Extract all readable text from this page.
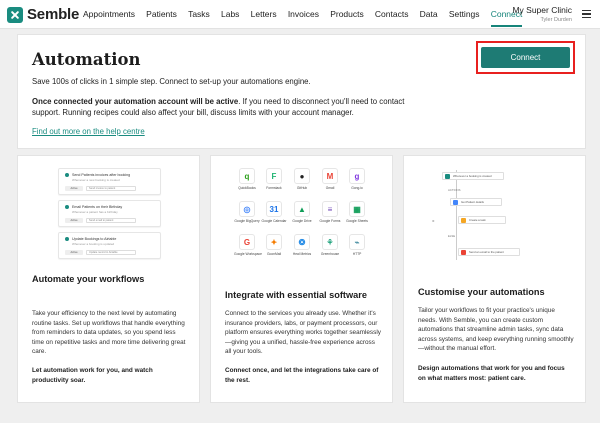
Semble Appointments Patients Tasks Labs Letters Invoices Products Contacts Data Settings Connect
My Super Clinic
Tyler Durden
Automation

Save 100s of clicks in 1 simple step. Connect to set-up your automations engine.

Once connected your automation account will be active. If you need to disconnect you'll need to contact support. Running recipes could also affect your bill, discuss limits with your account manager.

Find out more on the help centre
Connect
Send Patients invoices after booking
Whenever a new booking is created
Active	Send invoice to patient
Email Patients on their Birthday
Whenever a patient has a birthday
Active	Send email to patient
Update Bookings to Airtable
Whenever a booking is updated
Active	Update record in Airtable
Automate your workflows

Take your efficiency to the next level by automating routine tasks. Set up workflows that handle everything from reminders to data updates, so you spend less time on repetitive tasks and more time delivering great care.

Let automation work for you, and watch productivity soar.

q
QuickBooks
F
Formstack
●
GitHub
M
Gmail
g
Gong.io
◎
Google BigQuery
31
Google Calendar
▲
Google Drive
≡
Google Forms
▦
Google Sheets
G
Google Workspace
✦
GoonMail
❂
Heal Metrics
⚘
Greenhouse
⌁
HTTP
Integrate with essential software

Connect to the services you already use. Whether it's insurance providers, labs, or payment processors, our platform ensures everything works together seamlessly—giving you a unified, hassle-free experience across all your tools.

Connect once, and let the integrations take care of the rest.

Whenever a booking is created
ACTIONS
Get Patient details
IF	Create a task
ELSE
Send an email to the patient
Customise your automations

Tailor your workflows to fit your practice's unique needs. With Semble, you can create custom automations that streamline admin tasks, sync data across systems, and keep everything running smoothly—without the manual effort.

Design automations that work for you and focus on what matters most: patient care.
